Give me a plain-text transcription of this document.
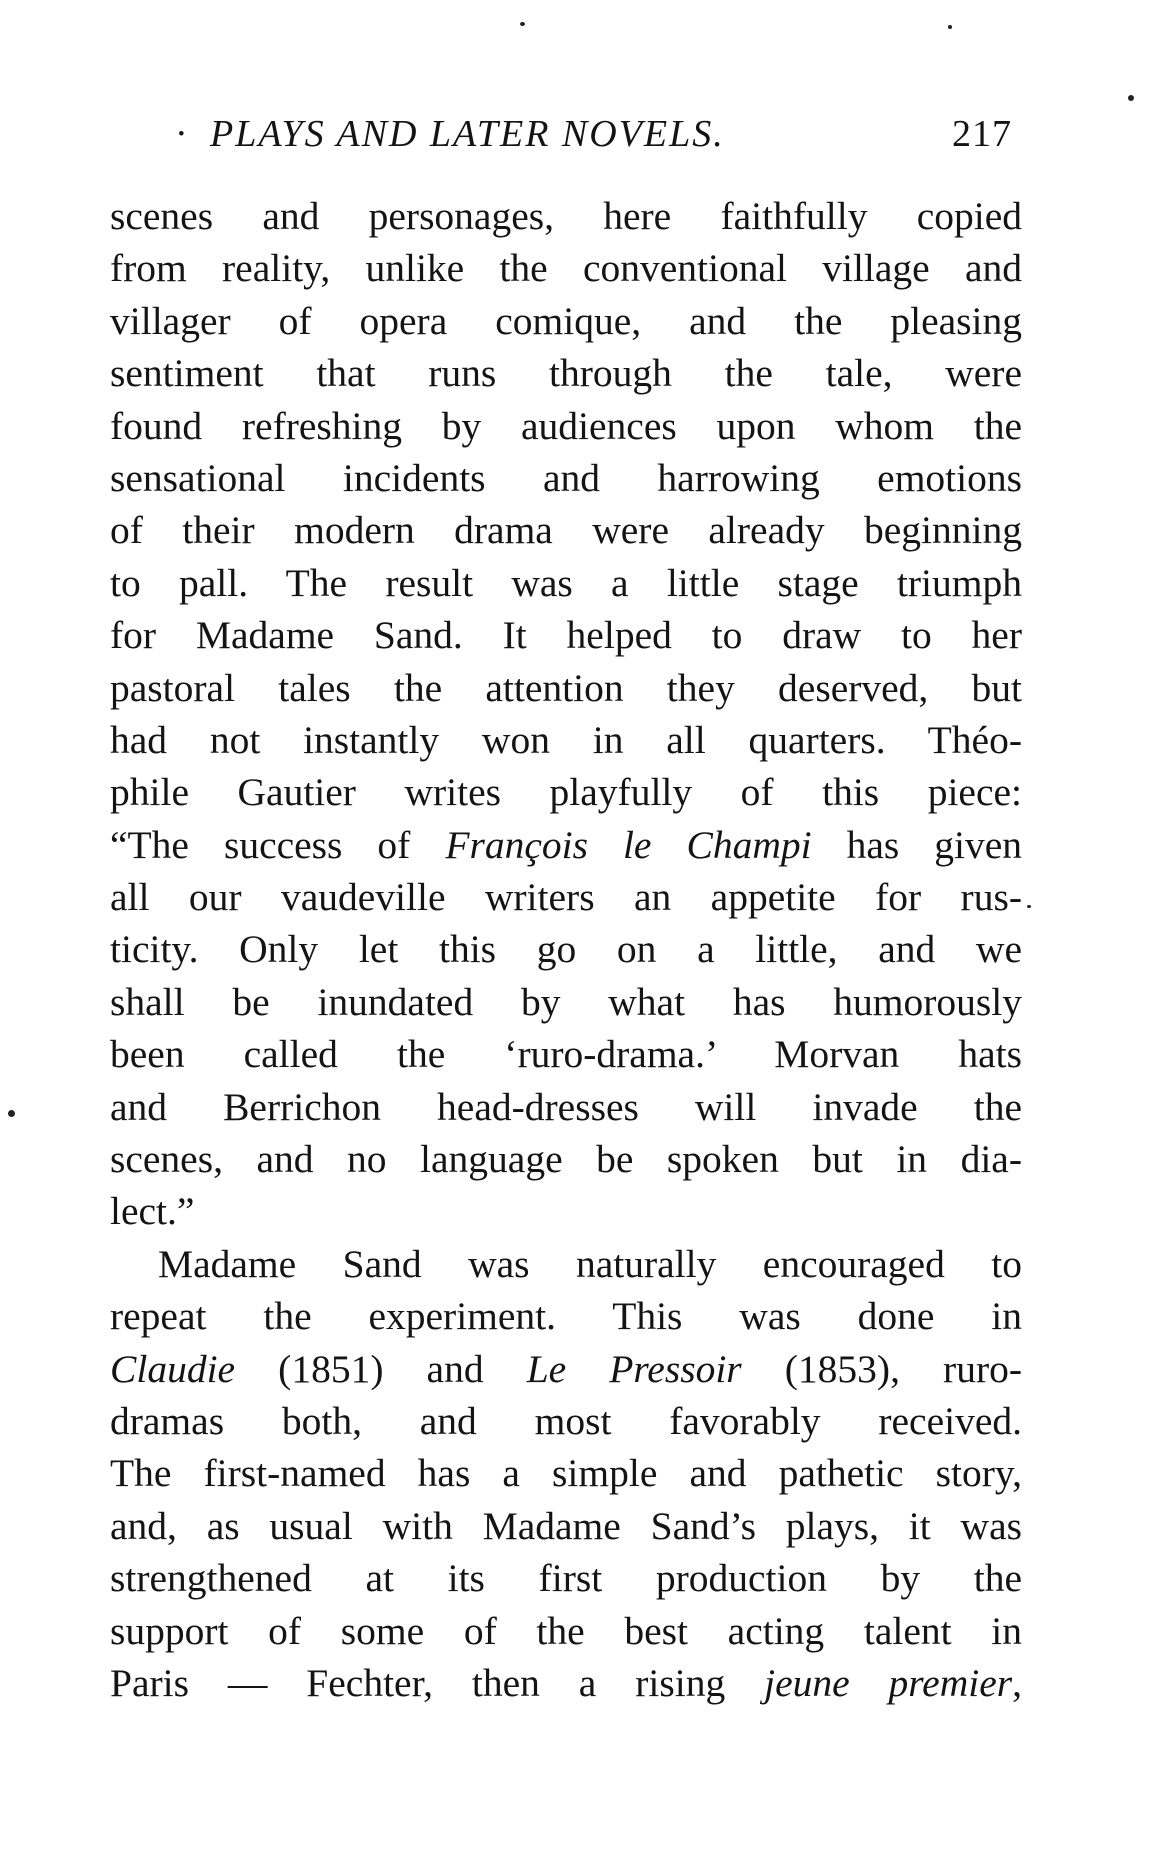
· PLAYS AND LATER NOVELS.	217
scenes and personages, here faithfully copied
from reality, unlike the conventional village and
villager of opera comique, and the pleasing
sentiment that runs through the tale, were
found refreshing by audiences upon whom the
sensational incidents and harrowing emotions
of their modern drama were already beginning
to pall. The result was a little stage triumph
for Madame Sand. It helped to draw to her
pastoral tales the attention they deserved, but
had not instantly won in all quarters. Théo-
phile Gautier writes playfully of this piece:
“The success of François le Champi has given
all our vaudeville writers an appetite for rus-
ticity. Only let this go on a little, and we
shall be inundated by what has humorously
been called the ‘ruro-drama.’ Morvan hats
and Berrichon head-dresses will invade the
scenes, and no language be spoken but in dia-
lect.”
Madame Sand was naturally encouraged to
repeat the experiment. This was done in
Claudie (1851) and Le Pressoir (1853), ruro-
dramas both, and most favorably received.
The first-named has a simple and pathetic story,
and, as usual with Madame Sand’s plays, it was
strengthened at its first production by the
support of some of the best acting talent in
Paris — Fechter, then a rising jeune premier,
